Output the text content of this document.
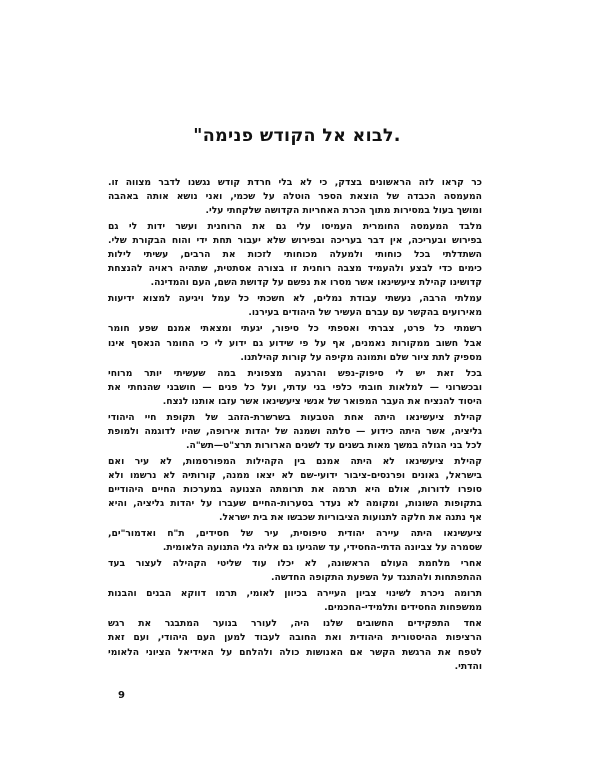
.לבוא אל הקודש פנימה"
כר קראו לזה הראשונים בצדק, כי לא בלי חרדת קודש נגשנו לדבר מצווה זו.
המעמסה הכבדה של הוצאת הספר הוטלה על שכמי, ואני נושא אותה באהבה
ומושך בעול במסירות מתוך הכרת האחריות הקדושה שלקחתי עלי.
מלבד המעמסה החומרית העמיסו עלי גם את הרוחנית ועשר ידות לי גם
בפירוש ובעריכה, אין דבר בעריכה ובפירוש שלא יעבור תחת ידי והוח הבקורת שלי.
השתדלתי בכל כוחותי ולמעלה מכוחותי לזכות את הרבים, עשיתי לילות
כימים כדי לבצע ולהעמיד מצבה רוחנית זו בצורה אסתטית, שתהיה ראויה להנצחת
קדושינו קהילת ציעשינאו אשר מסרו את נפשם על קדושת השם, העם והמדינה.
עמלתי הרבה, נעשתי עבודת נמלים, לא חשכתי כל עמל ויגיעה למצוא ידיעות
מאירועים בהקשר עם עברם העשיר של היהודים בעירנו.
רשמתי כל פרט, צברתי ואספתי כל סיפור, יגעתי ומצאתי אמנם שפע חומר
אבל חשוב ממקורות נאמנים, אף על פי שידוע גם ידוע לי כי החומר הנאסף אינו
מספיק לתת ציור שלם ותמונה מקיפה על קורות קהילתנו.
בכל זאת יש לי סיפוק-נפש והרגעה מצפונית במה שעשיתי יותר מרוחי
ובכשרוני — למלאות חובתי כלפי בני עדתי, ועל כל פנים — חושבני שהנחתי את
היסוד להנציח את העבר המפואר של אנשי ציעשינאו אשר עזבו אותנו לנצח.
קהילת ציעשינאו היתה אחת הטבעות בשרשרת-הזהב של תקופת חיי היהודי
גליציה, אשר היתה כידוע — סלתה ושמנה של יהדות אירופה, שהיו לדוגמה ולמופת
לכל בני הגולה במשך מאות בשנים עד לשנים הארורות תרצ"ט—תש"ה.
קהילת ציעשינאו לא היתה אמנם בין הקהילות המפורסמות, לא עיר ואם
בישראל, גאונים ופרנסים-ציבור ידועי-שם לא יצאו ממנה, קורותיה לא נרשמו ולא
סופרו לדורות, אולם היא תרמה את תרומתה הצנועה במערכות החיים היהודיים
בתקופות השונות, ומקומה לא נעדר בסערות-החיים שעברו על יהדות גליציה, והיא
אף נתנה את חלקה לתנועות הציבוריות שכבשו את בית ישראל.
ציעשינאו היתה עיירה יהודית טיפוסית, עיר של חסידים, ת"ח ואדמור"ים,
שסמרה על צביונה הדתי-החסידי, עד שהגיעו גם אליה גלי התנועה הלאומית.
אחרי מלחמת העולם הראשונה, לא יכלו עוד שליטי הקהילה לעצור בעד
ההתפתחות ולהתנגד על השפעת התקופה החדשה.
תרומה ניכרת לשינוי צביון העיירה בכיוון לאומי, תרמו דווקא הבנים והבנות
ממשפחות החסידים ותלמידי-החכמים.
אחד התפקידים החשובים שלנו היה, לעורר בנוער המתבגר את רגש
הרציפות ההיסטורית היהודית ואת החובה לעבוד למען העם היהודי, ועם זאת
לטפח את הרגשת הקשר אם האנושות כולה ולהלחם על האידיאל הציוני הלאומי
והדתי.
9
